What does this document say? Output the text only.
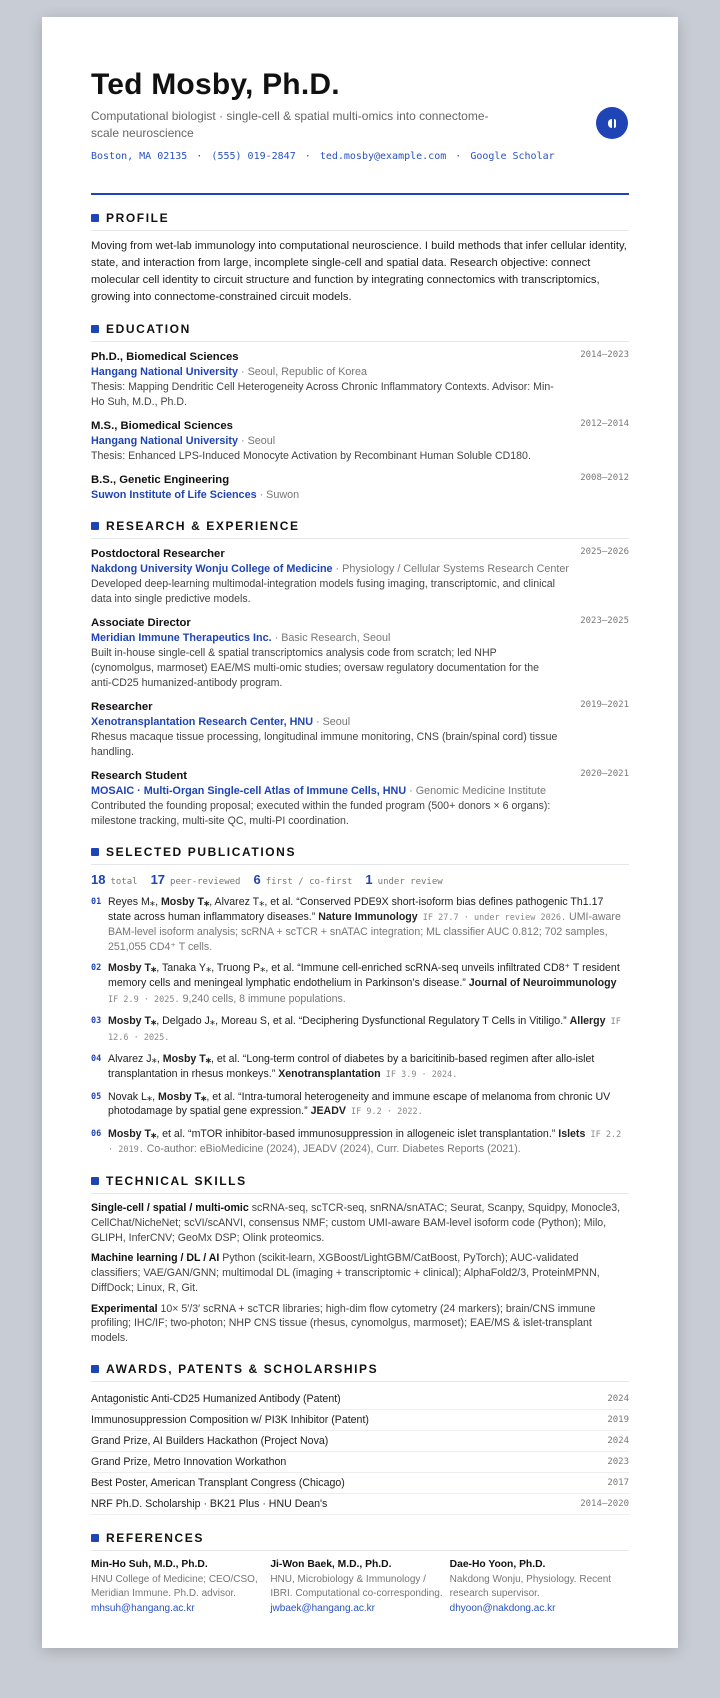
Ted Mosby, Ph.D.
Computational biologist · single-cell & spatial multi-omics into connectome-scale neuroscience
Boston, MA 02135 · (555) 019-2847 · ted.mosby@example.com · Google Scholar
PROFILE
Moving from wet-lab immunology into computational neuroscience. I build methods that infer cellular identity, state, and interaction from large, incomplete single-cell and spatial data. Research objective: connect molecular cell identity to circuit structure and function by integrating connectomics with transcriptomics, growing into connectome-constrained circuit models.
EDUCATION
Ph.D., Biomedical Sciences	2014–2023
Hangang National University · Seoul, Republic of Korea
Thesis: Mapping Dendritic Cell Heterogeneity Across Chronic Inflammatory Contexts. Advisor: Min-Ho Suh, M.D., Ph.D.
M.S., Biomedical Sciences	2012–2014
Hangang National University · Seoul
Thesis: Enhanced LPS-Induced Monocyte Activation by Recombinant Human Soluble CD180.
B.S., Genetic Engineering	2008–2012
Suwon Institute of Life Sciences · Suwon
RESEARCH & EXPERIENCE
Postdoctoral Researcher	2025–2026
Nakdong University Wonju College of Medicine · Physiology / Cellular Systems Research Center
Developed deep-learning multimodal-integration models fusing imaging, transcriptomic, and clinical data into single predictive models.
Associate Director	2023–2025
Meridian Immune Therapeutics Inc. · Basic Research, Seoul
Built in-house single-cell & spatial transcriptomics analysis code from scratch; led NHP (cynomolgus, marmoset) EAE/MS multi-omic studies; oversaw regulatory documentation for the anti-CD25 humanized-antibody program.
Researcher	2019–2021
Xenotransplantation Research Center, HNU · Seoul
Rhesus macaque tissue processing, longitudinal immune monitoring, CNS (brain/spinal cord) tissue handling.
Research Student	2020–2021
MOSAIC · Multi-Organ Single-cell Atlas of Immune Cells, HNU · Genomic Medicine Institute
Contributed the founding proposal; executed within the funded program (500+ donors × 6 organs): milestone tracking, multi-site QC, multi-PI coordination.
SELECTED PUBLICATIONS
18 total 17 peer-reviewed 6 first / co-first 1 under review
01 Reyes M⁎, Mosby T⁎, Alvarez T⁎, et al. “Conserved PDE9X short-isoform bias defines pathogenic Th1.17 state across human inflammatory diseases.” Nature Immunology IF 27.7 · under review 2026. UMI-aware BAM-level isoform analysis; scRNA + scTCR + snATAC integration; ML classifier AUC 0.812; 702 samples, 251,055 CD4⁺ T cells.
02 Mosby T⁎, Tanaka Y⁎, Truong P⁎, et al. “Immune cell-enriched scRNA-seq unveils infiltrated CD8⁺ T resident memory cells and meningeal lymphatic endothelium in Parkinson’s disease.” Journal of Neuroimmunology IF 2.9 · 2025. 9,240 cells, 8 immune populations.
03 Mosby T⁎, Delgado J⁎, Moreau S, et al. “Deciphering Dysfunctional Regulatory T Cells in Vitiligo.” Allergy IF 12.6 · 2025.
04 Alvarez J⁎, Mosby T⁎, et al. “Long-term control of diabetes by a baricitinib-based regimen after allo-islet transplantation in rhesus monkeys.” Xenotransplantation IF 3.9 · 2024.
05 Novak L⁎, Mosby T⁎, et al. “Intra-tumoral heterogeneity and immune escape of melanoma from chronic UV photodamage by spatial gene expression.” JEADV IF 9.2 · 2022.
06 Mosby T⁎, et al. “mTOR inhibitor-based immunosuppression in allogeneic islet transplantation.” Islets IF 2.2 · 2019. Co-author: eBioMedicine (2024), JEADV (2024), Curr. Diabetes Reports (2021).
TECHNICAL SKILLS
Single-cell / spatial / multi-omic scRNA-seq, scTCR-seq, snRNA/snATAC; Seurat, Scanpy, Squidpy, Monocle3, CellChat/NicheNet; scVI/scANVI, consensus NMF; custom UMI-aware BAM-level isoform code (Python); Milo, GLIPH, InferCNV; GeoMx DSP; Olink proteomics.
Machine learning / DL / AI Python (scikit-learn, XGBoost/LightGBM/CatBoost, PyTorch); AUC-validated classifiers; VAE/GAN/GNN; multimodal DL (imaging + transcriptomic + clinical); AlphaFold2/3, ProteinMPNN, DiffDock; Linux, R, Git.
Experimental 10× 5′/3′ scRNA + scTCR libraries; high-dim flow cytometry (24 markers); brain/CNS immune profiling; IHC/IF; two-photon; NHP CNS tissue (rhesus, cynomolgus, marmoset); EAE/MS & islet-transplant models.
AWARDS, PATENTS & SCHOLARSHIPS
Antagonistic Anti-CD25 Humanized Antibody (Patent)	2024
Immunosuppression Composition w/ PI3K Inhibitor (Patent)	2019
Grand Prize, AI Builders Hackathon (Project Nova)	2024
Grand Prize, Metro Innovation Workathon	2023
Best Poster, American Transplant Congress (Chicago)	2017
NRF Ph.D. Scholarship · BK21 Plus · HNU Dean's	2014–2020
REFERENCES
Min-Ho Suh, M.D., Ph.D.
HNU College of Medicine; CEO/CSO, Meridian Immune. Ph.D. advisor.
mhsuh@hangang.ac.kr
Ji-Won Baek, M.D., Ph.D.
HNU, Microbiology & Immunology / IBRI. Computational co-corresponding.
jwbaek@hangang.ac.kr
Dae-Ho Yoon, Ph.D.
Nakdong Wonju, Physiology. Recent research supervisor.
dhyoon@nakdong.ac.kr
